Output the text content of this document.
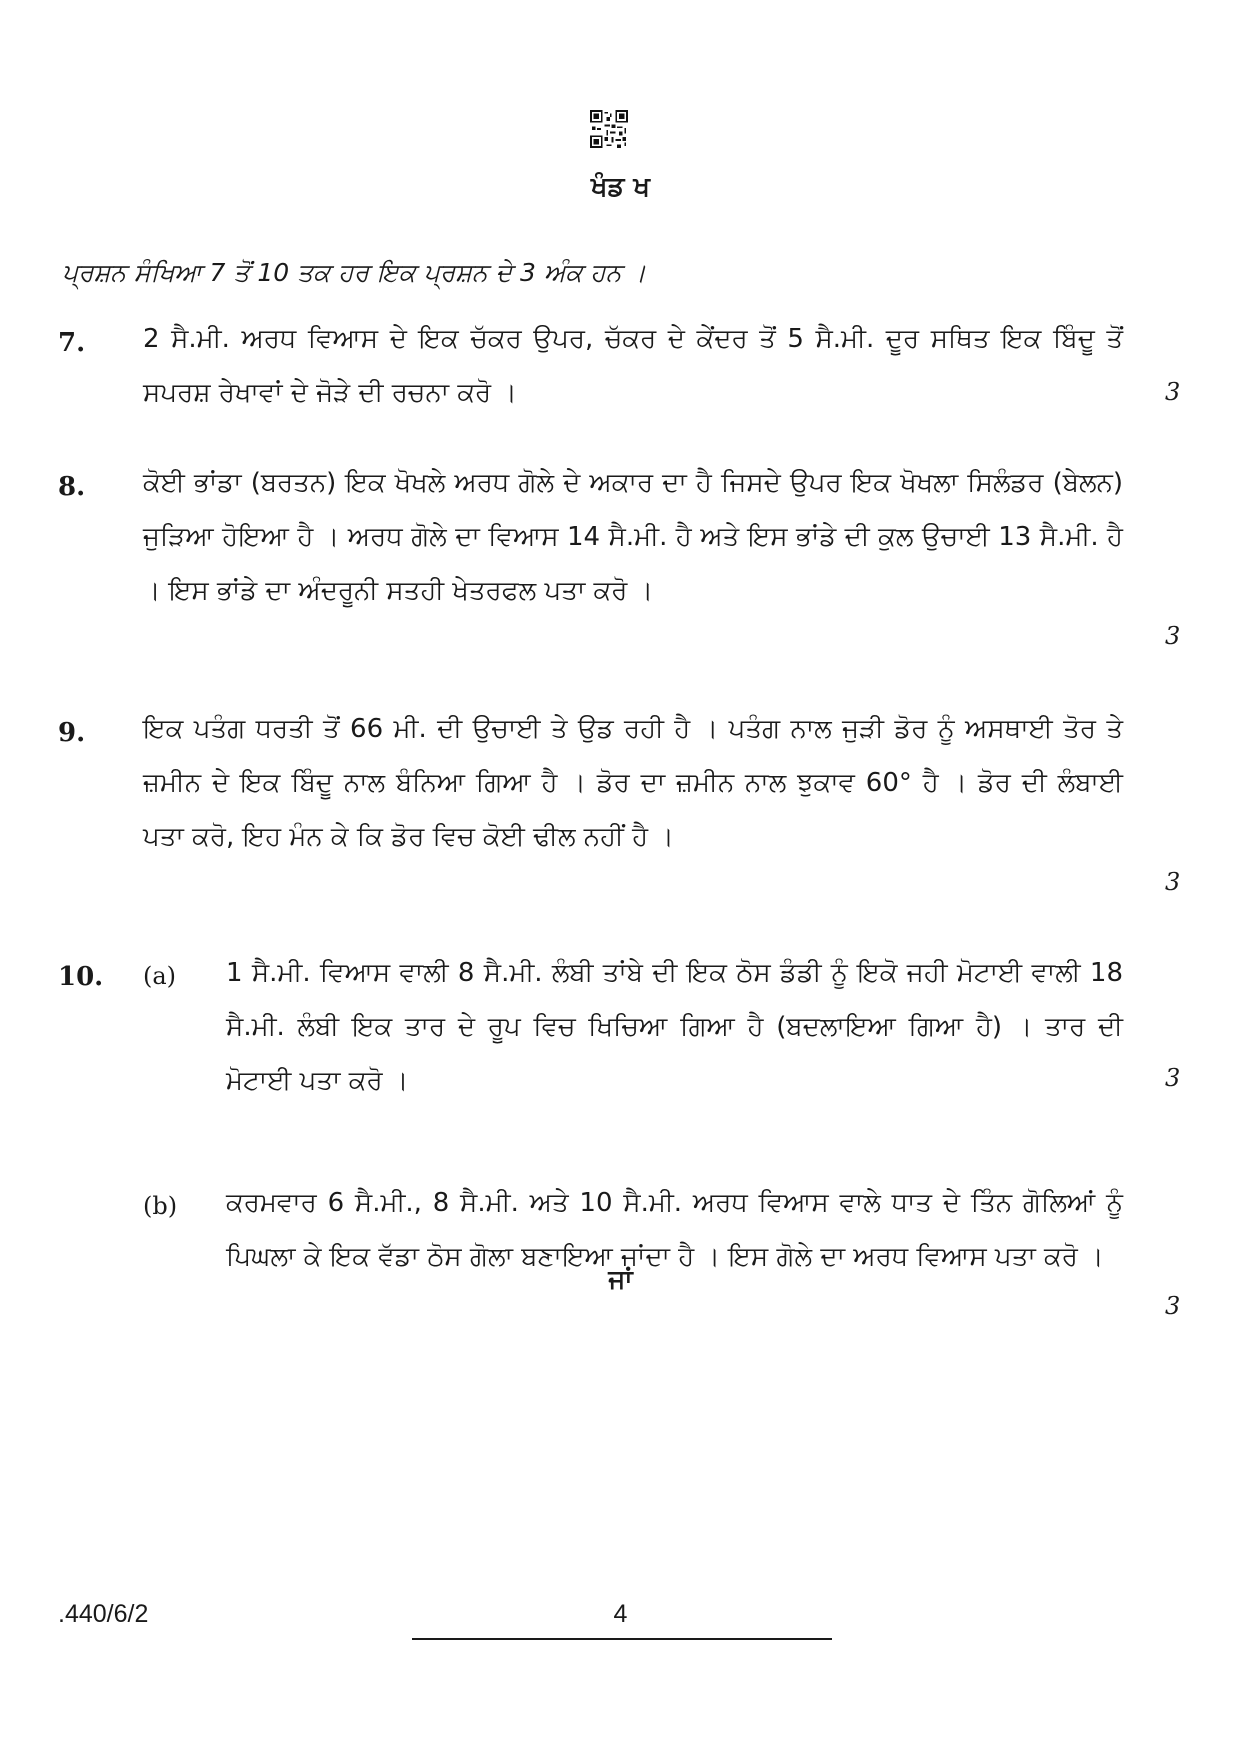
ਖੰਡ ਖ
ਪ੍ਰਸ਼ਨ ਸੰਖਿਆ 7 ਤੋਂ 10 ਤਕ ਹਰ ਇਕ ਪ੍ਰਸ਼ਨ ਦੇ 3 ਅੰਕ ਹਨ ।
7. 2 ਸੈ.ਮੀ. ਅਰਧ ਵਿਆਸ ਦੇ ਇਕ ਚੱਕਰ ਉਪਰ, ਚੱਕਰ ਦੇ ਕੇਂਦਰ ਤੋਂ 5 ਸੈ.ਮੀ. ਦੂਰ ਸਥਿਤ ਇਕ ਬਿੰਦੂ ਤੋਂ ਸਪਰਸ਼ ਰੇਖਾਵਾਂ ਦੇ ਜੋੜੇ ਦੀ ਰਚਨਾ ਕਰੋ ।	3
8. ਕੋਈ ਭਾਂਡਾ (ਬਰਤਨ) ਇਕ ਖੋਖਲੇ ਅਰਧ ਗੋਲੇ ਦੇ ਅਕਾਰ ਦਾ ਹੈ ਜਿਸਦੇ ਉਪਰ ਇਕ ਖੋਖਲਾ ਸਿਲੰਡਰ (ਬੇਲਨ) ਜੁੜਿਆ ਹੋਇਆ ਹੈ । ਅਰਧ ਗੋਲੇ ਦਾ ਵਿਆਸ 14 ਸੈ.ਮੀ. ਹੈ ਅਤੇ ਇਸ ਭਾਂਡੇ ਦੀ ਕੁਲ ਉਚਾਈ 13 ਸੈ.ਮੀ. ਹੈ । ਇਸ ਭਾਂਡੇ ਦਾ ਅੰਦਰੂਨੀ ਸਤਹੀ ਖੇਤਰਫਲ ਪਤਾ ਕਰੋ ।
3
9. ਇਕ ਪਤੰਗ ਧਰਤੀ ਤੋਂ 66 ਮੀ. ਦੀ ਉਚਾਈ ਤੇ ਉਡ ਰਹੀ ਹੈ । ਪਤੰਗ ਨਾਲ ਜੁੜੀ ਡੋਰ ਨੂੰ ਅਸਥਾਈ ਤੋਰ ਤੇ ਜ਼ਮੀਨ ਦੇ ਇਕ ਬਿੰਦੂ ਨਾਲ ਬੰਨਿਆ ਗਿਆ ਹੈ । ਡੋਰ ਦਾ ਜ਼ਮੀਨ ਨਾਲ ਝੁਕਾਵ 60° ਹੈ । ਡੋਰ ਦੀ ਲੰਬਾਈ ਪਤਾ ਕਰੋ, ਇਹ ਮੰਨ ਕੇ ਕਿ ਡੋਰ ਵਿਚ ਕੋਈ ਢੀਲ ਨਹੀਂ ਹੈ ।
3
10. (a) 1 ਸੈ.ਮੀ. ਵਿਆਸ ਵਾਲੀ 8 ਸੈ.ਮੀ. ਲੰਬੀ ਤਾਂਬੇ ਦੀ ਇਕ ਠੋਸ ਡੰਡੀ ਨੂੰ ਇਕੋ ਜਹੀ ਮੋਟਾਈ ਵਾਲੀ 18 ਸੈ.ਮੀ. ਲੰਬੀ ਇਕ ਤਾਰ ਦੇ ਰੂਪ ਵਿਚ ਖਿਚਿਆ ਗਿਆ ਹੈ (ਬਦਲਾਇਆ ਗਿਆ ਹੈ) । ਤਾਰ ਦੀ ਮੋਟਾਈ ਪਤਾ ਕਰੋ ।	3
ਜਾਂ
(b) ਕਰਮਵਾਰ 6 ਸੈ.ਮੀ., 8 ਸੈ.ਮੀ. ਅਤੇ 10 ਸੈ.ਮੀ. ਅਰਧ ਵਿਆਸ ਵਾਲੇ ਧਾਤ ਦੇ ਤਿੰਨ ਗੋਲਿਆਂ ਨੂੰ ਪਿਘਲਾ ਕੇ ਇਕ ਵੱਡਾ ਠੋਸ ਗੋਲਾ ਬਣਾਇਆ ਜਾਂਦਾ ਹੈ । ਇਸ ਗੋਲੇ ਦਾ ਅਰਧ ਵਿਆਸ ਪਤਾ ਕਰੋ ।
3
.440/6/2	4
